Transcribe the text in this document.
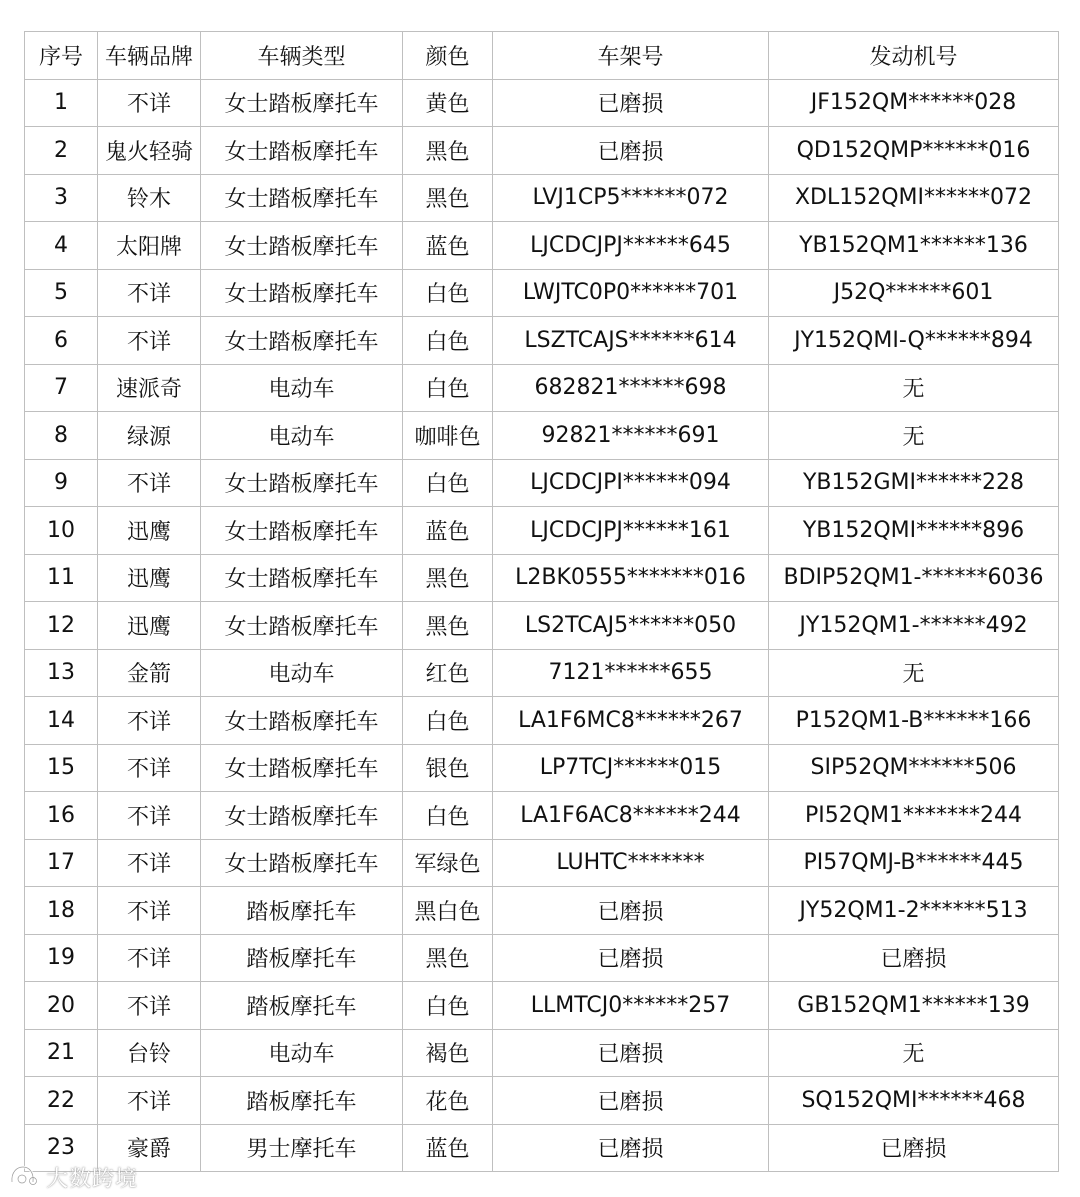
序号	车辆品牌	车辆类型	颜色	车架号	发动机号
1	不详	女士踏板摩托车	黄色	已磨损	JF152QM******028
2	鬼火轻骑	女士踏板摩托车	黑色	已磨损	QD152QMP******016
3	铃木	女士踏板摩托车	黑色	LVJ1CP5******072	XDL152QMI******072
4	太阳牌	女士踏板摩托车	蓝色	LJCDCJPJ******645	YB152QM1******136
5	不详	女士踏板摩托车	白色	LWJTC0P0******701	J52Q******601
6	不详	女士踏板摩托车	白色	LSZTCAJS******614	JY152QMI-Q******894
7	速派奇	电动车	白色	682821******698	无
8	绿源	电动车	咖啡色	92821******691	无
9	不详	女士踏板摩托车	白色	LJCDCJPI******094	YB152GMI******228
10	迅鹰	女士踏板摩托车	蓝色	LJCDCJPJ******161	YB152QMI******896
11	迅鹰	女士踏板摩托车	黑色	L2BK0555*******016	BDIP52QM1-******6036
12	迅鹰	女士踏板摩托车	黑色	LS2TCAJ5******050	JY152QM1-******492
13	金箭	电动车	红色	7121******655	无
14	不详	女士踏板摩托车	白色	LA1F6MC8******267	P152QM1-B******166
15	不详	女士踏板摩托车	银色	LP7TCJ******015	SIP52QM******506
16	不详	女士踏板摩托车	白色	LA1F6AC8******244	PI52QM1*******244
17	不详	女士踏板摩托车	军绿色	LUHTC*******	PI57QMJ-B******445
18	不详	踏板摩托车	黑白色	已磨损	JY52QM1-2******513
19	不详	踏板摩托车	黑色	已磨损	已磨损
20	不详	踏板摩托车	白色	LLMTCJ0******257	GB152QM1******139
21	台铃	电动车	褐色	已磨损	无
22	不详	踏板摩托车	花色	已磨损	SQ152QMI******468
23	豪爵	男士摩托车	蓝色	已磨损	已磨损
大数跨境
